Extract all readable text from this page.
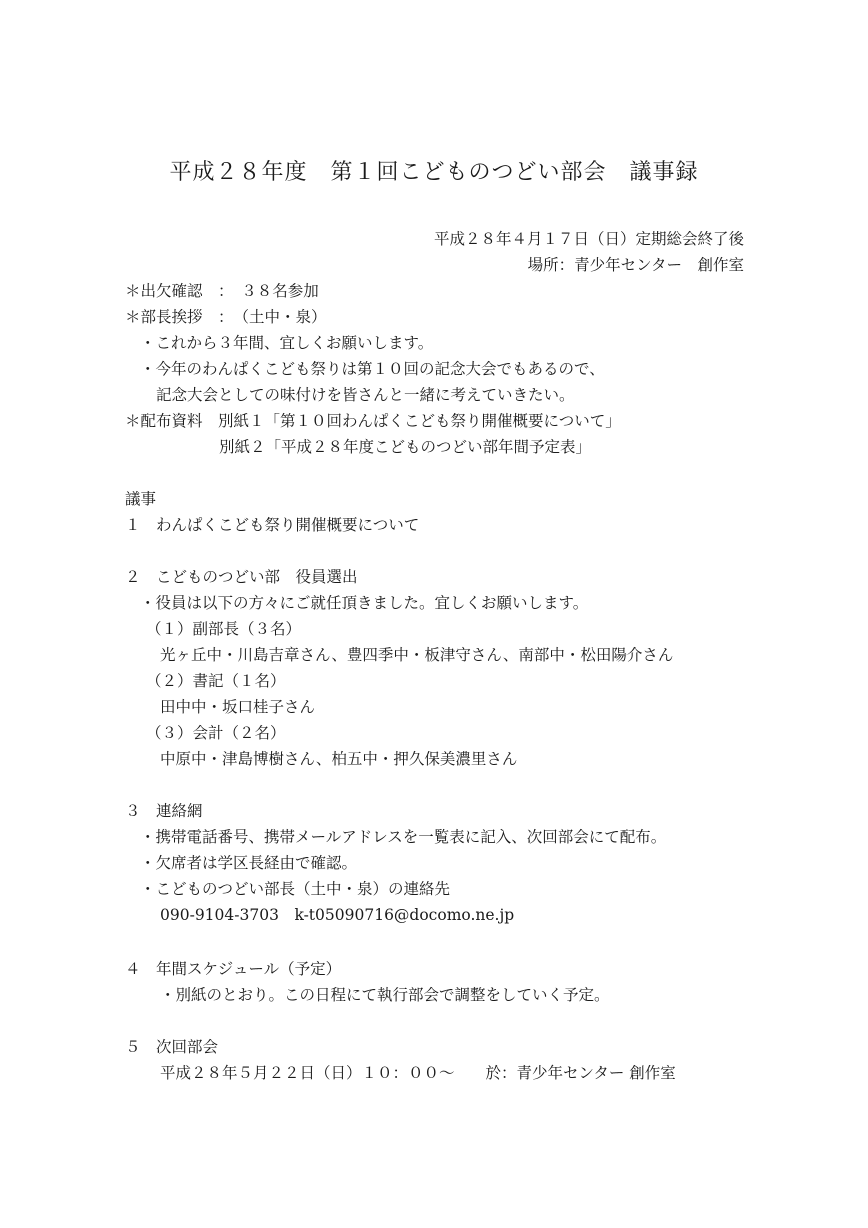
平成２８年度　第１回こどものつどい部会　議事録
平成２８年４月１７日（日）定期総会終了後
場所：青少年センター　創作室
＊出欠確認　：　３８名参加
＊部長挨拶　：　（土中・泉）
・これから３年間、宜しくお願いします。
・今年のわんぱくこども祭りは第１０回の記念大会でもあるので、
記念大会としての味付けを皆さんと一緒に考えていきたい。
＊配布資料　別紙１「第１０回わんぱくこども祭り開催概要について」
別紙２「平成２８年度こどものつどい部年間予定表」
議事
１　わんぱくこども祭り開催概要について
２　こどものつどい部　役員選出
・役員は以下の方々にご就任頂きました。宜しくお願いします。
（１）副部長（３名）
光ヶ丘中・川島吉章さん、豊四季中・板津守さん、南部中・松田陽介さん
（２）書記（１名）
田中中・坂口桂子さん
（３）会計（２名）
中原中・津島博樹さん、柏五中・押久保美濃里さん
３　連絡網
・携帯電話番号、携帯メールアドレスを一覧表に記入、次回部会にて配布。
・欠席者は学区長経由で確認。
・こどものつどい部長（土中・泉）の連絡先
090-9104-3703　k-t05090716@docomo.ne.jp
４　年間スケジュール（予定）
・別紙のとおり。この日程にて執行部会で調整をしていく予定。
５　次回部会
平成２８年５月２２日（日）１０：００～　　於：青少年センター 創作室
